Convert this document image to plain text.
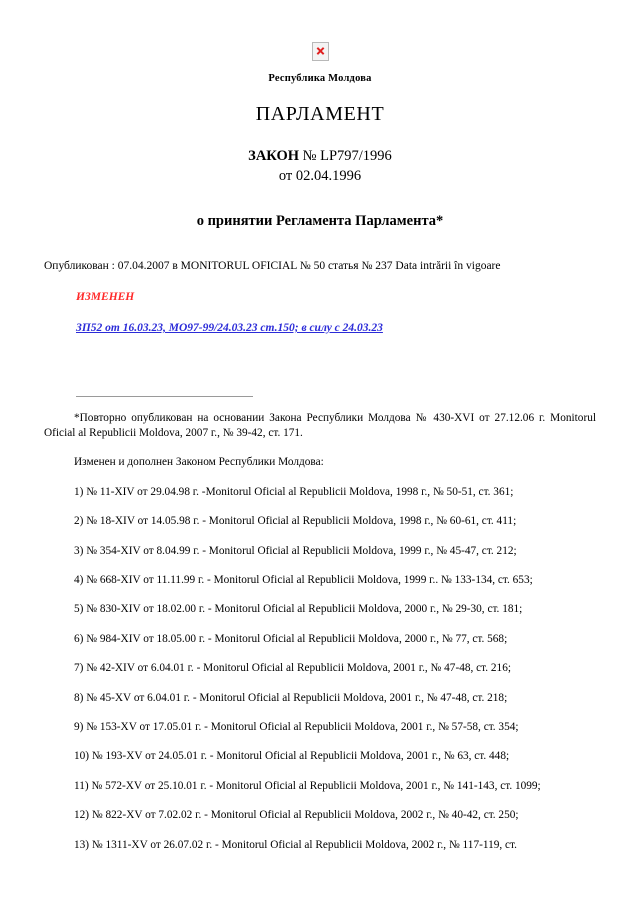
Республика Молдова
ПАРЛАМЕНТ
ЗАКОН № LP797/1996
от 02.04.1996
о принятии Регламента Парламента*
Опубликован : 07.04.2007 в MONITORUL OFICIAL № 50 статья № 237 Data intrării în vigoare
ИЗМЕНЕН
ЗП52 от 16.03.23, МО97-99/24.03.23 ст.150; в силу с 24.03.23
*Повторно опубликован на основании Закона Республики Молдова № 430-XVI от 27.12.06 г. Monitorul Oficial al Republicii Moldova, 2007 г., № 39-42, ст. 171.
Изменен и дополнен Законом Республики Молдова:
1) № 11-XIV от 29.04.98 г. -Monitorul Oficial al Republicii Moldova, 1998 г., № 50-51, ст. 361;
2) № 18-XIV от 14.05.98 г. - Monitorul Oficial al Republicii Moldova, 1998 г., № 60-61, ст. 411;
3) № 354-XIV от 8.04.99 г. - Monitorul Oficial al Republicii Moldova, 1999 г., № 45-47, ст. 212;
4) № 668-XIV от 11.11.99 г. - Monitorul Oficial al Republicii Moldova, 1999 г.. № 133-134, ст. 653;
5) № 830-XIV от 18.02.00 г. - Monitorul Oficial al Republicii Moldova, 2000 г., № 29-30, ст. 181;
6) № 984-XIV от 18.05.00 г. - Monitorul Oficial al Republicii Moldova, 2000 г., № 77, ст. 568;
7) № 42-XIV от 6.04.01 г. - Monitorul Oficial al Republicii Moldova, 2001 г., № 47-48, ст. 216;
8) № 45-XV от 6.04.01 г. - Monitorul Oficial al Republicii Moldova, 2001 г., № 47-48, ст. 218;
9) № 153-XV от 17.05.01 г. - Monitorul Oficial al Republicii Moldova, 2001 г., № 57-58, ст. 354;
10) № 193-XV от 24.05.01 г. - Monitorul Oficial al Republicii Moldova, 2001 г., № 63, ст. 448;
11) № 572-XV от 25.10.01 г. - Monitorul Oficial al Republicii Moldova, 2001 г., № 141-143, ст. 1099;
12) № 822-XV от 7.02.02 г. - Monitorul Oficial al Republicii Moldova, 2002 г., № 40-42, ст. 250;
13) № 1311-XV от 26.07.02 г. - Monitorul Oficial al Republicii Moldova, 2002 г., № 117-119, ст.
